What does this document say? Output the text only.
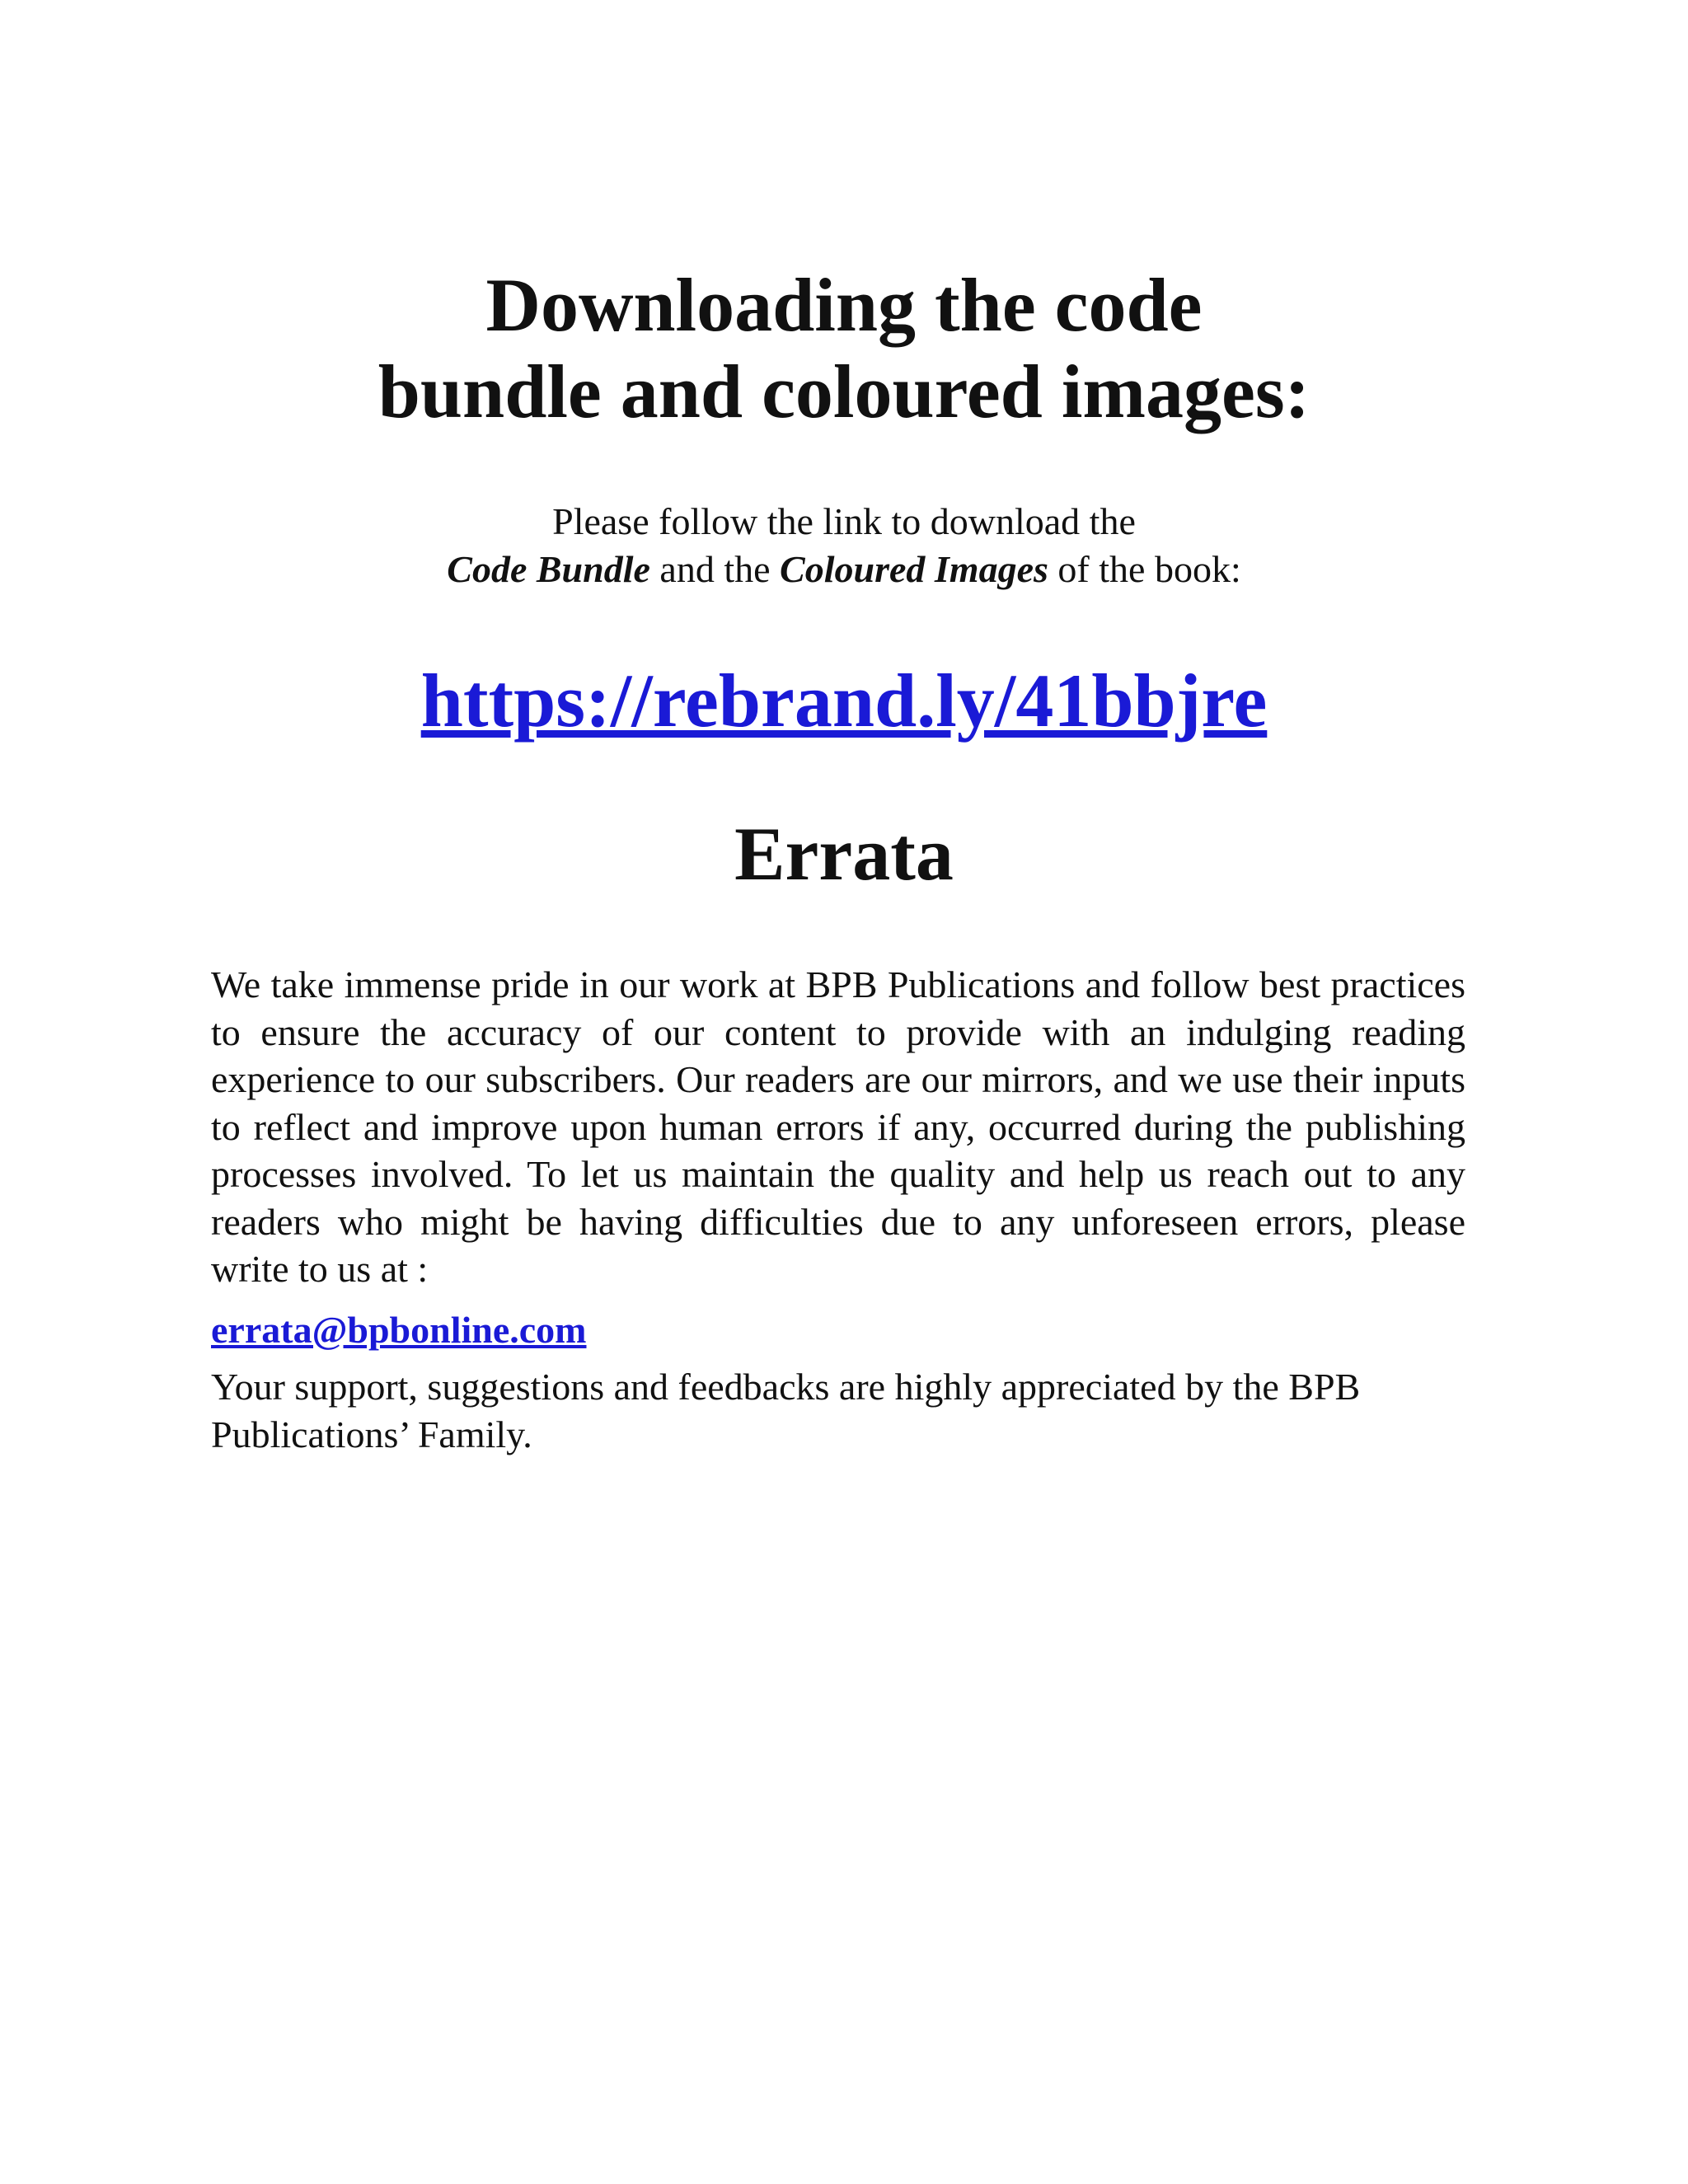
Downloading the code
bundle and coloured images:
Please follow the link to download the
Code Bundle and the Coloured Images of the book:
https://rebrand.ly/41bbjre
Errata

We take immense pride in our work at BPB Publications and follow best practices to ensure the accuracy of our content to provide with an indulging reading experience to our subscribers. Our readers are our mirrors, and we use their inputs to reflect and improve upon human errors if any, occurred during the publishing processes involved. To let us maintain the quality and help us reach out to any readers who might be having difficulties due to any unforeseen errors, please write to us at :

errata@bpbonline.com

Your support, suggestions and feedbacks are highly appreciated by the BPB Publications’ Family.
